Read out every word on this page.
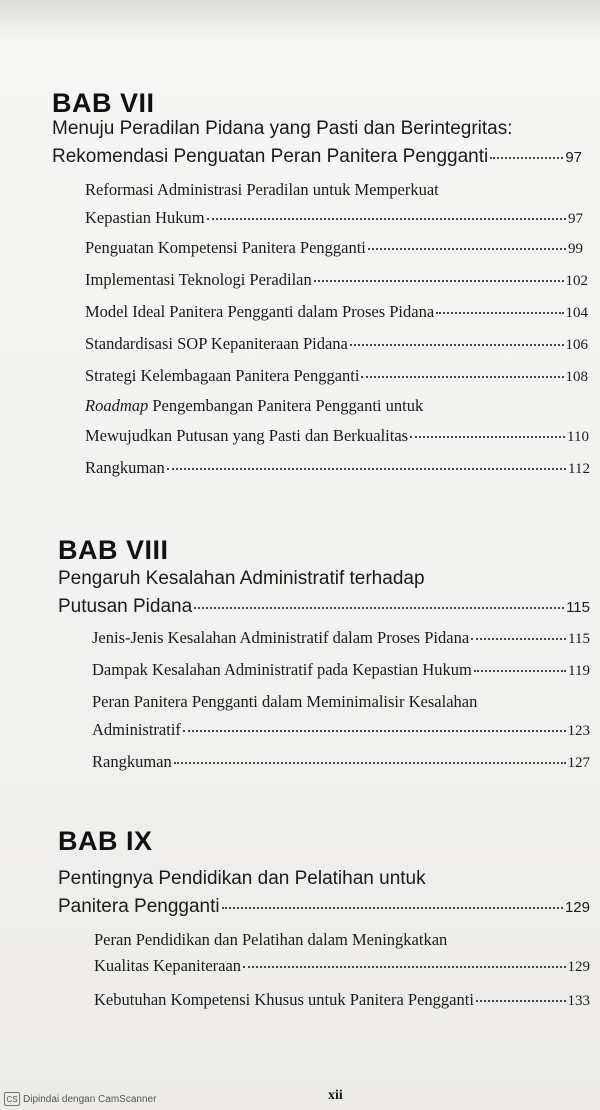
BAB VII
Menuju Peradilan Pidana yang Pasti dan Berintegritas:
Rekomendasi Penguatan Peran Panitera Pengganti	97
Reformasi Administrasi Peradilan untuk Memperkuat
Kepastian Hukum	97
Penguatan Kompetensi Panitera Pengganti	99
Implementasi Teknologi Peradilan	102
Model Ideal Panitera Pengganti dalam Proses Pidana	104
Standardisasi SOP Kepaniteraan Pidana	106
Strategi Kelembagaan Panitera Pengganti	108
Roadmap Pengembangan Panitera Pengganti untuk
Mewujudkan Putusan yang Pasti dan Berkualitas	110
Rangkuman	112
BAB VIII
Pengaruh Kesalahan Administratif terhadap
Putusan Pidana	115
Jenis-Jenis Kesalahan Administratif dalam Proses Pidana	115
Dampak Kesalahan Administratif pada Kepastian Hukum	119
Peran Panitera Pengganti dalam Meminimalisir Kesalahan
Administratif	123
Rangkuman	127
BAB IX
Pentingnya Pendidikan dan Pelatihan untuk
Panitera Pengganti	129
Peran Pendidikan dan Pelatihan dalam Meningkatkan
Kualitas Kepaniteraan	129
Kebutuhan Kompetensi Khusus untuk Panitera Pengganti	133
xii
CS Dipindai dengan CamScanner
